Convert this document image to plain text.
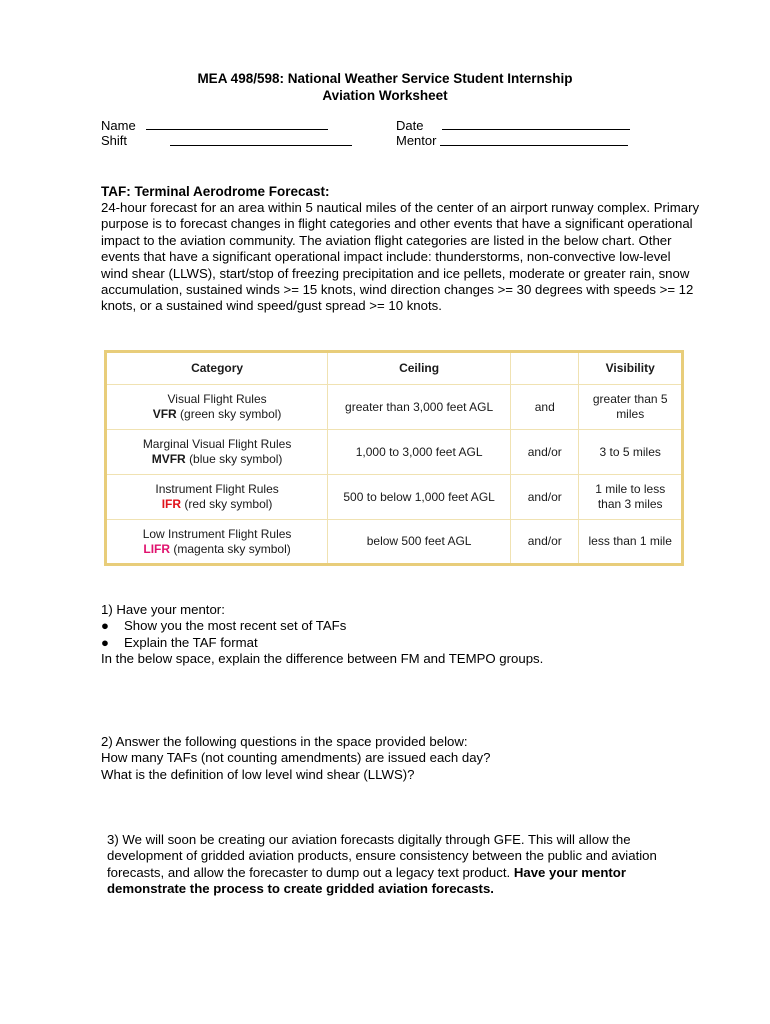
MEA 498/598: National Weather Service Student Internship
Aviation Worksheet
Name
Shift
Date
Mentor
TAF: Terminal Aerodrome Forecast:
24-hour forecast for an area within 5 nautical miles of the center of an airport runway complex. Primary purpose is to forecast changes in flight categories and other events that have a significant operational impact to the aviation community. The aviation flight categories are listed in the below chart. Other events that have a significant operational impact include: thunderstorms, non-convective low-level wind shear (LLWS), start/stop of freezing precipitation and ice pellets, moderate or greater rain, snow accumulation, sustained winds >= 15 knots, wind direction changes >= 30 degrees with speeds >= 12 knots, or a sustained wind speed/gust spread >= 10 knots.
Category	Ceiling		Visibility

Visual Flight Rules
VFR (green sky symbol)	greater than 3,000 feet AGL	and	greater than 5 miles

Marginal Visual Flight Rules
MVFR (blue sky symbol)	1,000 to 3,000 feet AGL	and/or	3 to 5 miles

Instrument Flight Rules
IFR (red sky symbol)	500 to below 1,000 feet AGL	and/or	1 mile to less than 3 miles

Low Instrument Flight Rules
LIFR (magenta sky symbol)	below 500 feet AGL	and/or	less than 1 mile
1) Have your mentor:
● Show you the most recent set of TAFs
● Explain the TAF format
In the below space, explain the difference between FM and TEMPO groups.
2) Answer the following questions in the space provided below:
How many TAFs (not counting amendments) are issued each day?
What is the definition of low level wind shear (LLWS)?
3) We will soon be creating our aviation forecasts digitally through GFE. This will allow the development of gridded aviation products, ensure consistency between the public and aviation forecasts, and allow the forecaster to dump out a legacy text product. Have your mentor demonstrate the process to create gridded aviation forecasts.
